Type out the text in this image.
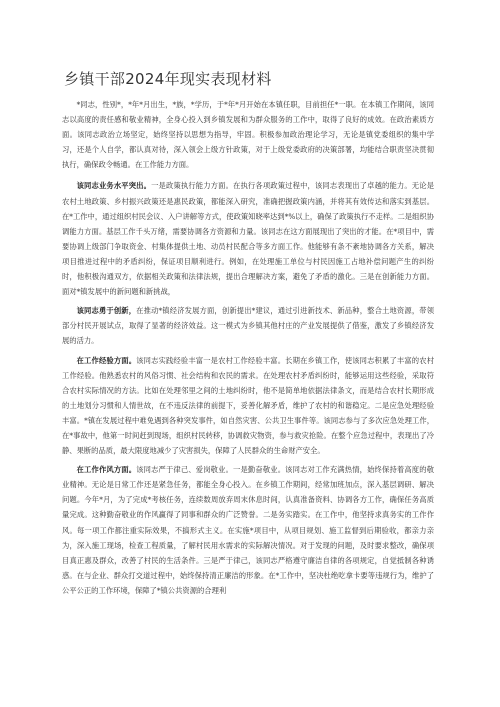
乡镇干部2024年现实表现材料

*同志，性别*，*年*月出生，*族，*学历，于*年*月开始在本镇任职，目前担任*一职。在本镇工作期间，该同志以高度的责任感和敬业精神，全身心投入到乡镇发展和为群众服务的工作中，取得了良好的成效。在政治素质方面。该同志政治立场坚定，始终坚持以思想为指导，牢固。积极参加政治理论学习，无论是镇党委组织的集中学习，还是个人自学，都认真对待，深入领会上级方针政策，对于上级党委政府的决策部署，均能结合职责坚决贯彻执行，确保政令畅通。在工作能力方面。

该同志业务水平突出。一是政策执行能力方面。在执行各项政策过程中，该同志表现出了卓越的能力。无论是农村土地政策、乡村振兴政策还是惠民政策，都能深入研究，准确把握政策内涵，并将其有效传达和落实到基层。在*工作中，通过组织村民会议、入户讲解等方式，使政策知晓率达到*%以上，确保了政策执行不走样。二是组织协调能力方面。基层工作千头万绪，需要协调各方资源和力量。该同志在这方面展现出了突出的才能。在*项目中，需要协调上级部门争取资金、村集体提供土地、动员村民配合等多方面工作。他能够有条不紊地协调各方关系，解决项目推进过程中的矛盾纠纷，保证项目顺利进行。例如，在处理施工单位与村民因施工占地补偿问题产生的纠纷时，他积极沟通双方，依据相关政策和法律法规，提出合理解决方案，避免了矛盾的激化。三是在创新能力方面。面对*镇发展中的新问题和新挑战，

该同志勇于创新，在推动*镇经济发展方面，创新提出*建议，通过引进新技术、新品种，整合土地资源，带领部分村民开展试点，取得了显著的经济效益。这一模式为乡镇其他村庄的产业发展提供了借鉴，激发了乡镇经济发展的活力。

在工作经验方面。该同志实践经验丰富一是农村工作经验丰富。长期在乡镇工作，使该同志积累了丰富的农村工作经验。他熟悉农村的风俗习惯、社会结构和农民的需求。在处理农村矛盾纠纷时，能够运用这些经验，采取符合农村实际情况的方法。比如在处理邻里之间的土地纠纷时，他不是简单地依据法律条文，而是结合农村长期形成的土地划分习惯和人情世故，在不违反法律的前提下，妥善化解矛盾，维护了农村的和谐稳定。二是应急处理经验丰富。*镇在发展过程中难免遇到各种突发事件，如自然灾害、公共卫生事件等。该同志参与了多次应急处理工作，在*事故中，他第一时间赶到现场，组织村民转移，协调救灾物资，参与救灾抢险。在整个应急过程中，表现出了冷静、果断的品质，最大限度地减少了灾害损失，保障了人民群众的生命财产安全。

在工作作风方面。该同志严于律己、爱岗敬业。一是勤奋敬业。该同志对工作充满热情，始终保持着高度的敬业精神。无论是日常工作还是紧急任务，都能全身心投入。在乡镇工作期间，经常加班加点，深入基层调研、解决问题。今年*月，为了完成*考核任务，连续数周放弃周末休息时间，认真准备资料、协调各方工作，确保任务高质量完成。这种勤奋敬业的作风赢得了同事和群众的广泛赞誉。二是务实踏实。在工作中，他坚持求真务实的工作作风。每一项工作都注重实际效果，不搞形式主义。在实施*项目中，从项目规划、施工监督到后期验收，都亲力亲为，深入施工现场，检查工程质量，了解村民用水需求的实际解决情况。对于发现的问题，及时要求整改，确保项目真正惠及群众，改善了村民的生活条件。三是严于律己，该同志严格遵守廉洁自律的各项规定，自觉抵制各种诱惑。在与企业、群众打交道过程中，始终保持清正廉洁的形象。在*工作中，坚决杜绝吃拿卡要等违规行为，维护了公平公正的工作环境，保障了*镇公共资源的合理利
